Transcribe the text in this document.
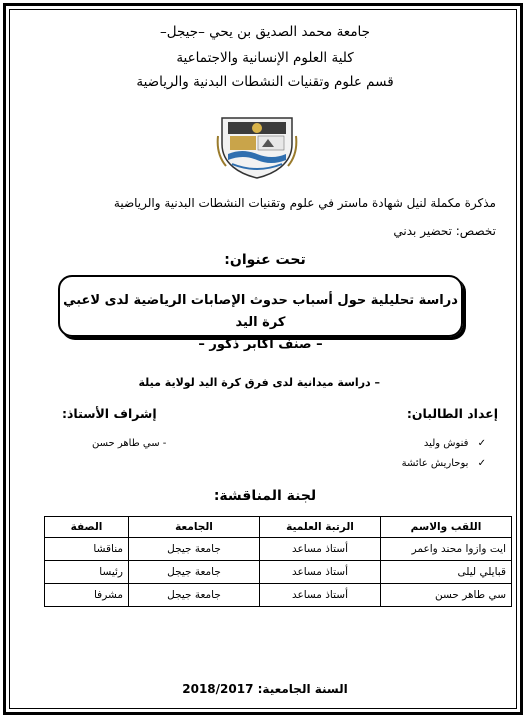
جامعة محمد الصديق بن يحي –جيجل–
كلية العلوم الإنسانية والاجتماعية
قسم علوم وتقنيات النشطات البدنية والرياضية
مذكرة مكملة لنيل شهادة ماستر في علوم وتقنيات النشطات البدنية والرياضية
تخصص: تحضير بدني
تحت عنوان:
دراسة تحليلية حول أسباب حدوث الإصابات الرياضية لدى لاعبي كرة اليد
– صنف أكابر ذكور –
– دراسة ميدانية لدى فرق كرة اليد لولاية ميلة
إعداد الطالبان:
✓ فنوش وليد
✓ بوحاريش عائشة
إشراف الأستاذ:
- سي طاهر حسن
لجنة المناقشة:
اللقب والاسم	الرتبة العلمية	الجامعة	الصفة
ايت وازوا محند واعمر	أستاذ مساعد	جامعة جيجل	مناقشا
قبايلي ليلى	أستاذ مساعد	جامعة جيجل	رئيسا
سي طاهر حسن	أستاذ مساعد	جامعة جيجل	مشرفا
السنة الجامعية: 2018/2017
